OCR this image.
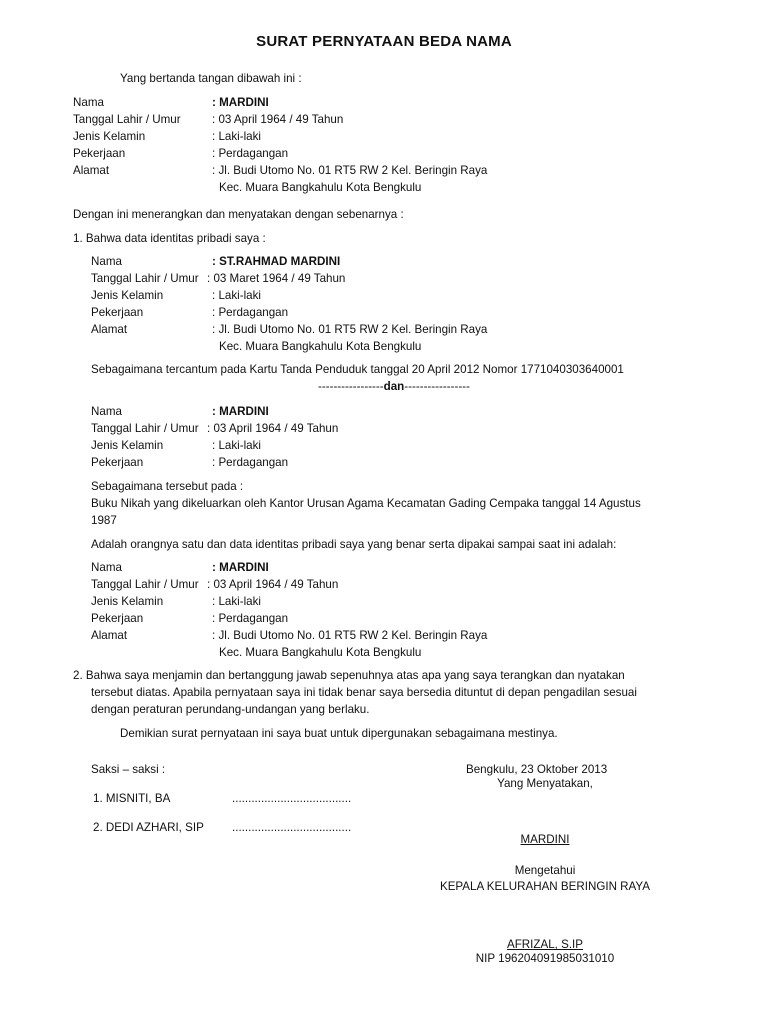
SURAT PERNYATAAN BEDA NAMA
Yang bertanda tangan dibawah ini :
Nama	: MARDINI
Tanggal Lahir / Umur	: 03 April 1964 / 49 Tahun
Jenis Kelamin	: Laki-laki
Pekerjaan	: Perdagangan
Alamat	: Jl. Budi Utomo No. 01 RT5 RW 2 Kel. Beringin Raya
Kec. Muara Bangkahulu Kota Bengkulu
Dengan ini menerangkan dan menyatakan dengan sebenarnya :
1. Bahwa data identitas pribadi saya :
Nama	: ST.RAHMAD MARDINI
Tanggal Lahir / Umur : 03 Maret 1964 / 49 Tahun
Jenis Kelamin	: Laki-laki
Pekerjaan	: Perdagangan
Alamat	: Jl. Budi Utomo No. 01 RT5 RW 2 Kel. Beringin Raya
Kec. Muara Bangkahulu Kota Bengkulu
Sebagaimana tercantum pada Kartu Tanda Penduduk tanggal 20 April 2012 Nomor 1771040303640001
-----------------dan-----------------
Nama	: MARDINI
Tanggal Lahir / Umur : 03 April 1964 / 49 Tahun
Jenis Kelamin	: Laki-laki
Pekerjaan	: Perdagangan
Sebagaimana tersebut pada :
Buku Nikah yang dikeluarkan oleh Kantor Urusan Agama Kecamatan Gading Cempaka tanggal 14 Agustus
1987
Adalah orangnya satu dan data identitas pribadi saya yang benar serta dipakai sampai saat ini adalah:
Nama	: MARDINI
Tanggal Lahir / Umur : 03 April 1964 / 49 Tahun
Jenis Kelamin	: Laki-laki
Pekerjaan	: Perdagangan
Alamat	: Jl. Budi Utomo No. 01 RT5 RW 2 Kel. Beringin Raya
Kec. Muara Bangkahulu Kota Bengkulu
2. Bahwa saya menjamin dan bertanggung jawab sepenuhnya atas apa yang saya terangkan dan nyatakan
tersebut diatas. Apabila pernyataan saya ini tidak benar saya bersedia dituntut di depan pengadilan sesuai
dengan peraturan perundang-undangan yang berlaku.
Demikian surat pernyataan ini saya buat untuk dipergunakan sebagaimana mestinya.
Saksi – saksi :
1. MISNITI, BA	.....................................
2. DEDI AZHARI, SIP .....................................
Bengkulu, 23 Oktober 2013
Yang Menyatakan,
MARDINI
Mengetahui
KEPALA KELURAHAN BERINGIN RAYA
AFRIZAL, S.IP
NIP 196204091985031010
